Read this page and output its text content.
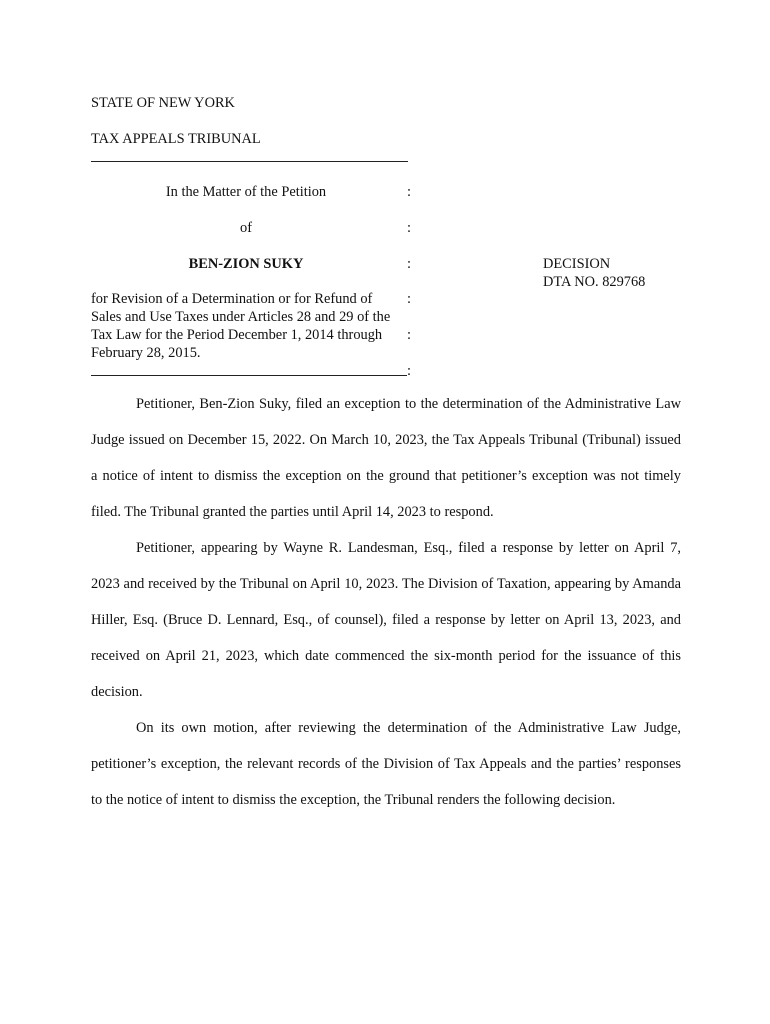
STATE OF NEW YORK
TAX APPEALS TRIBUNAL
In the Matter of the Petition	:
of	:
BEN-ZION SUKY	:	DECISION
DTA NO. 829768
for Revision of a Determination or for Refund of
Sales and Use Taxes under Articles 28 and 29 of the
Tax Law for the Period December 1, 2014 through
February 28, 2015.
:
:
:

Petitioner, Ben-Zion Suky, filed an exception to the determination of the Administrative Law Judge issued on December 15, 2022. On March 10, 2023, the Tax Appeals Tribunal (Tribunal) issued a notice of intent to dismiss the exception on the ground that petitioner’s exception was not timely filed. The Tribunal granted the parties until April 14, 2023 to respond.

Petitioner, appearing by Wayne R. Landesman, Esq., filed a response by letter on April 7, 2023 and received by the Tribunal on April 10, 2023. The Division of Taxation, appearing by Amanda Hiller, Esq. (Bruce D. Lennard, Esq., of counsel), filed a response by letter on April 13, 2023, and received on April 21, 2023, which date commenced the six-month period for the issuance of this decision.

On its own motion, after reviewing the determination of the Administrative Law Judge, petitioner’s exception, the relevant records of the Division of Tax Appeals and the parties’ responses to the notice of intent to dismiss the exception, the Tribunal renders the following decision.
